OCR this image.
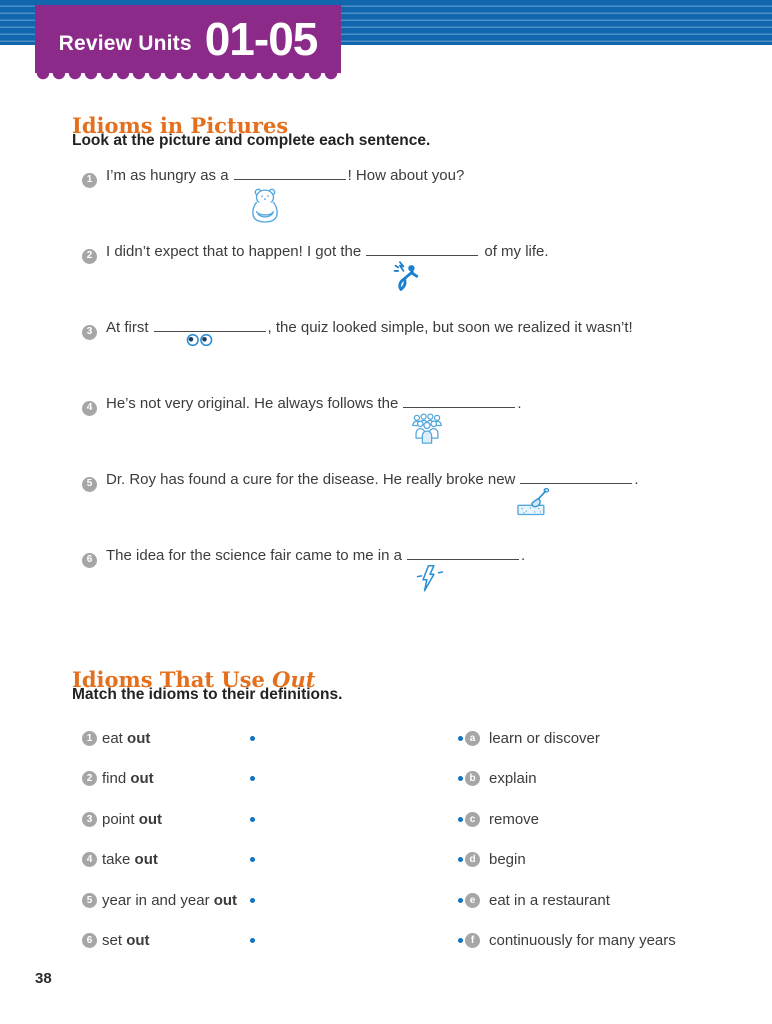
Review Units 01-05
Idioms in Pictures
Look at the picture and complete each sentence.
1 I’m as hungry as a	! How about you?
2 I didn’t expect that to happen! I got the	of my life.
3 At first	, the quiz looked simple, but soon we realized it wasn’t!
4 He’s not very original. He always follows the	.
5 Dr. Roy has found a cure for the disease. He really broke new	.
6 The idea for the science fair came to me in a	.
Idioms That Use Out
Match the idioms to their definitions.
1 eat out	a learn or discover
2 find out	b explain
3 point out	c remove
4 take out	d begin
5 year in and year out	e eat in a restaurant
6 set out	f continuously for many years
38
